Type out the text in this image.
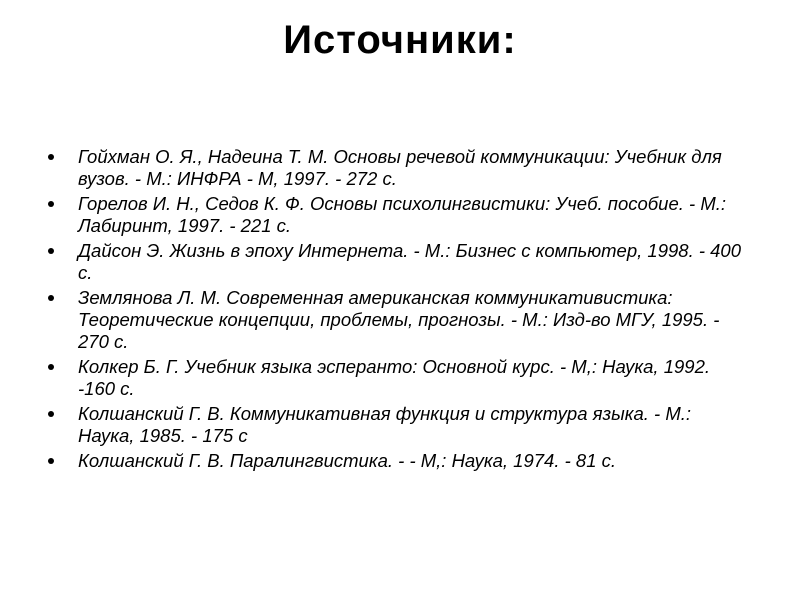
Источники:
Гойхман О. Я., Надеина Т. М. Основы речевой коммуникации: Учебник для вузов. - М.: ИНФРА - М, 1997. - 272 с.
Горелов И. Н., Седов К. Ф. Основы психолингвистики: Учеб. пособие. - М.: Лабиринт, 1997. - 221 с.
Дайсон Э. Жизнь в эпоху Интернета. - М.: Бизнес с компьютер, 1998. - 400 с.
Землянова Л. М. Современная американская коммуникативистика: Теоретические концепции, проблемы, прогнозы. - М.: Изд-во МГУ, 1995. - 270 с.
Колкер Б. Г. Учебник языка эсперанто: Основной курс. - М,: Наука, 1992. -160 с.
Колшанский Г. В. Коммуникативная функция и структура языка. - М.: Наука, 1985. - 175 с
Колшанский Г. В. Паралингвистика. - - М,: Наука, 1974. - 81 с.
